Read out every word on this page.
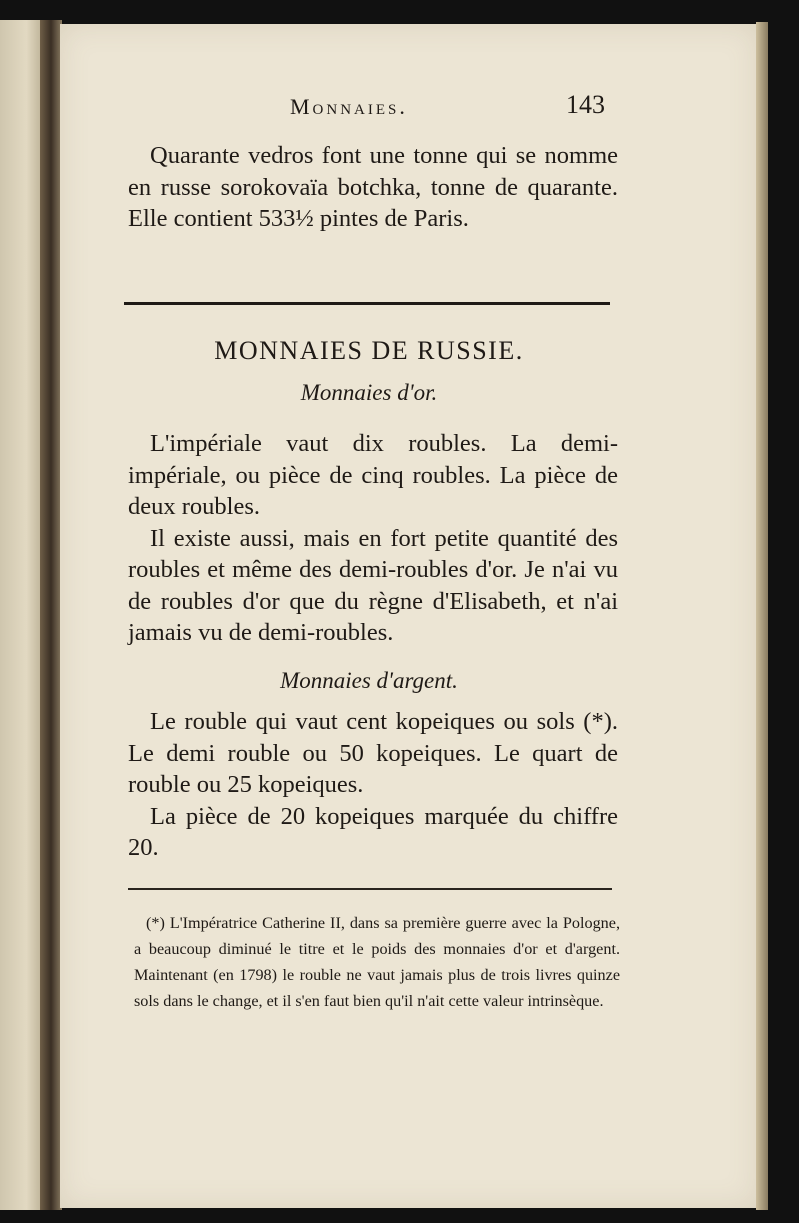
Monnaies.	143

Quarante vedros font une tonne qui se nomme en russe sorokovaïa botchka, tonne de quarante. Elle contient 533½ pintes de Paris.

MONNAIES DE RUSSIE.
Monnaies d'or.

L'impériale vaut dix roubles. La demi-impériale, ou pièce de cinq roubles. La pièce de deux roubles.

Il existe aussi, mais en fort petite quantité des roubles et même des demi-roubles d'or. Je n'ai vu de roubles d'or que du règne d'Elisabeth, et n'ai jamais vu de demi-roubles.

Monnaies d'argent.

Le rouble qui vaut cent kopeiques ou sols (*). Le demi rouble ou 50 kopeiques. Le quart de rouble ou 25 kopeiques.

La pièce de 20 kopeiques marquée du chiffre 20.

(*) L'Impératrice Catherine II, dans sa première guerre avec la Pologne, a beaucoup diminué le titre et le poids des monnaies d'or et d'argent. Maintenant (en 1798) le rouble ne vaut jamais plus de trois livres quinze sols dans le change, et il s'en faut bien qu'il n'ait cette valeur intrinsèque.
